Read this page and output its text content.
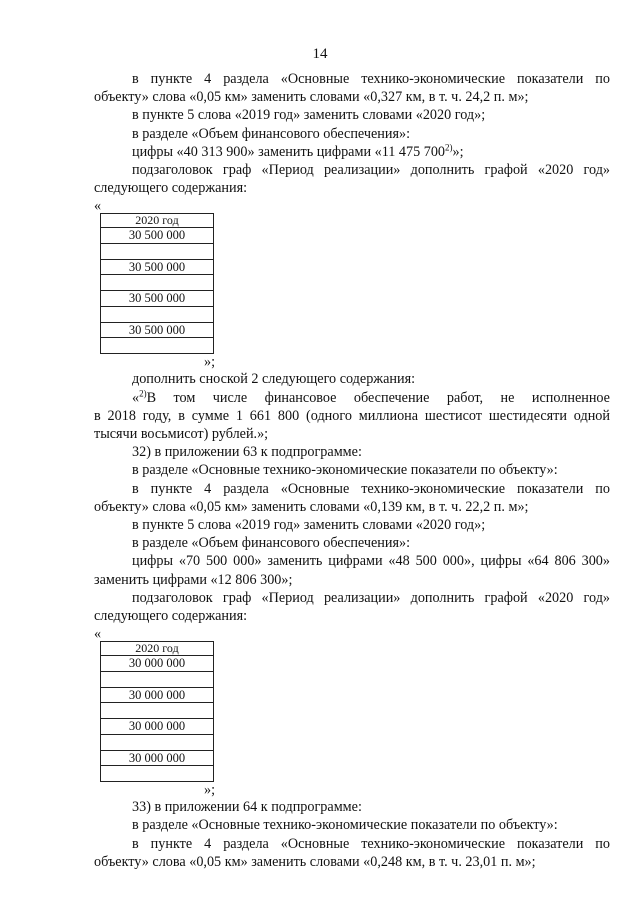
14

в пункте 4 раздела «Основные технико-экономические показатели по

объекту» слова «0,05 км» заменить словами «0,327 км, в т. ч. 24,2 п. м»;

в пункте 5 слова «2019 год» заменить словами «2020 год»;

в разделе «Объем финансового обеспечения»:

цифры «40 313 900» заменить цифрами «11 475 700$^{2)}$»;

подзаголовок граф «Период реализации» дополнить графой «2020 год»

следующего содержания:

«

2020 год
30 500 000

30 500 000

30 500 000

30 500 000

»;

дополнить сноской 2 следующего содержания:

«$^{2)}$В том числе финансовое обеспечение работ, не исполненное

в 2018 году, в сумме 1 661 800 (одного миллиона шестисот шестидесяти одной

тысячи восьмисот) рублей.»;

32) в приложении 63 к подпрограмме:

в разделе «Основные технико-экономические показатели по объекту»:

в пункте 4 раздела «Основные технико-экономические показатели по

объекту» слова «0,05 км» заменить словами «0,139 км, в т. ч. 22,2 п. м»;

в пункте 5 слова «2019 год» заменить словами «2020 год»;

в разделе «Объем финансового обеспечения»:

цифры «70 500 000» заменить цифрами «48 500 000», цифры «64 806 300»

заменить цифрами «12 806 300»;

подзаголовок граф «Период реализации» дополнить графой «2020 год»

следующего содержания:

«

2020 год
30 000 000

30 000 000

30 000 000

30 000 000

»;

33) в приложении 64 к подпрограмме:

в разделе «Основные технико-экономические показатели по объекту»:

в пункте 4 раздела «Основные технико-экономические показатели по

объекту» слова «0,05 км» заменить словами «0,248 км, в т. ч. 23,01 п. м»;
